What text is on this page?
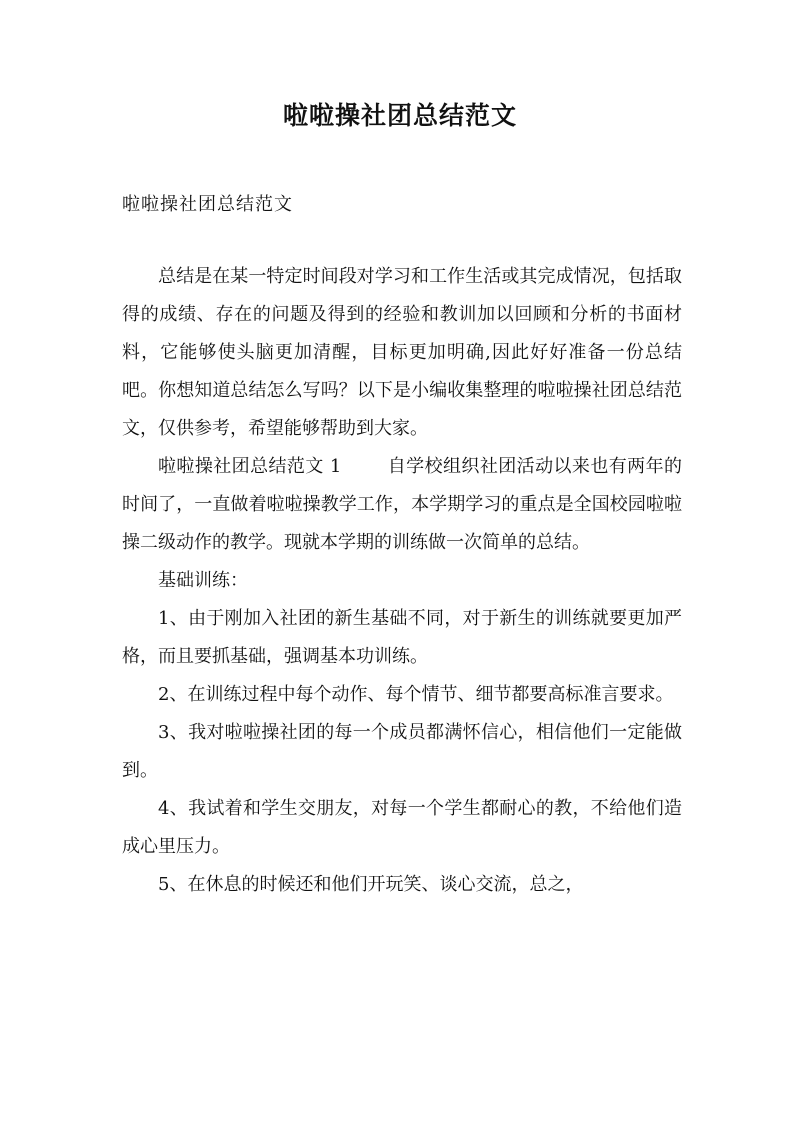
啦啦操社团总结范文
啦啦操社团总结范文

总结是在某一特定时间段对学习和工作生活或其完成情况，包括取得的成绩、存在的问题及得到的经验和教训加以回顾和分析的书面材料，它能够使头脑更加清醒，目标更加明确,因此好好准备一份总结吧。你想知道总结怎么写吗？以下是小编收集整理的啦啦操社团总结范文，仅供参考，希望能够帮助到大家。

啦啦操社团总结范文 1	自学校组织社团活动以来也有两年的时间了，一直做着啦啦操教学工作，本学期学习的重点是全国校园啦啦操二级动作的教学。现就本学期的训练做一次简单的总结。

基础训练：

1、由于刚加入社团的新生基础不同，对于新生的训练就要更加严格，而且要抓基础，强调基本功训练。

2、在训练过程中每个动作、每个情节、细节都要高标准言要求。

3、我对啦啦操社团的每一个成员都满怀信心，相信他们一定能做到。

4、我试着和学生交朋友，对每一个学生都耐心的教，不给他们造成心里压力。

5、在休息的时候还和他们开玩笑、谈心交流，总之，
